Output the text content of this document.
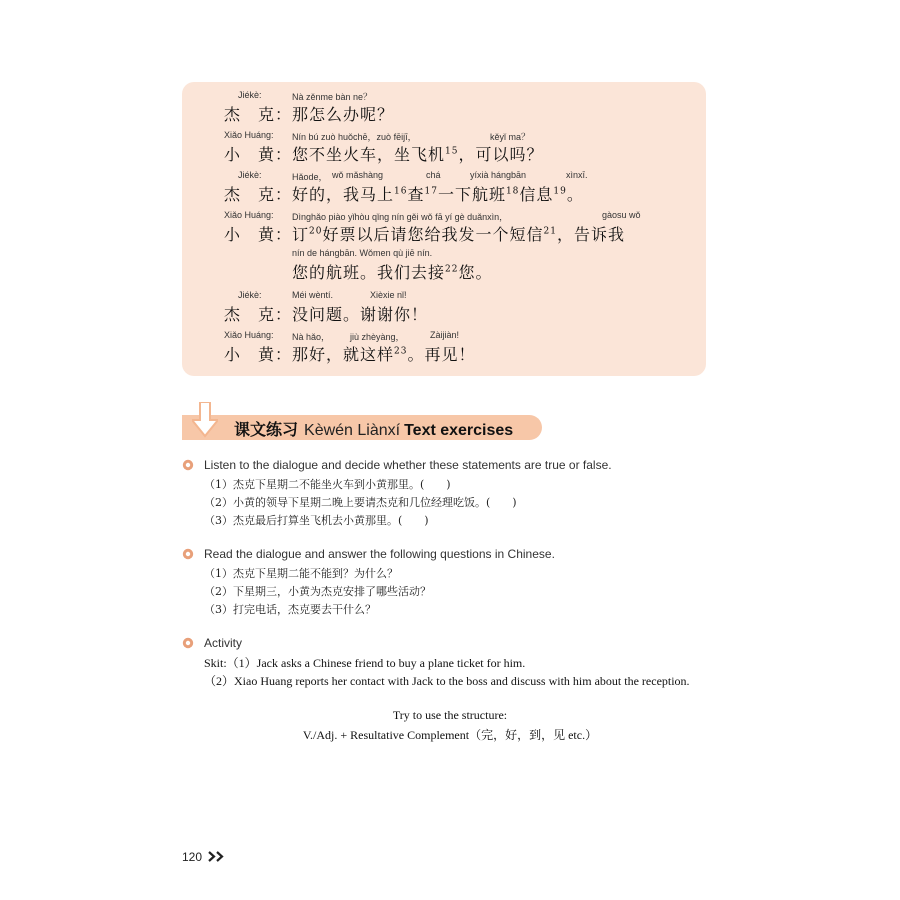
Jiékè:	Nà zěnme bàn ne？
杰　克： 那怎么办呢？
Xiǎo Huáng: Nín bú zuò huǒchē，zuò fēijī，	kěyǐ ma？
小　黄： 您不坐火车，坐飞机$^{15}$，可以吗？
Jiékè:	Hǎode， wǒ mǎshàng	chá	yíxià hángbān	xìnxī.
杰　克： 好的，我马上$^{16}$查$^{17}$一下航班$^{18}$信息$^{19}$。
Xiǎo Huáng: Dìnghǎo piào yǐhòu qǐng nín gěi wǒ fā yí gè duǎnxìn，	gàosu wǒ
小　黄： 订$^{20}$好票以后请您给我发一个短信$^{21}$，告诉我
nín de hángbān. Wǒmen qù jiē nín.
您的航班。我们去接$^{22}$您。
Jiékè:	Méi wèntí.	Xièxie nǐ!
杰　克： 没问题。谢谢你！
Xiǎo Huáng: Nà hǎo， jiù zhèyàng，	Zàijiàn!
小　黄： 那好，就这样$^{23}$。再见！
课文练习 Kèwén Liànxí Text exercises
Listen to the dialogue and decide whether these statements are true or false.
（1）杰克下星期二不能坐火车到小黄那里。(　　)
（2）小黄的领导下星期二晚上要请杰克和几位经理吃饭。(　　)
（3）杰克最后打算坐飞机去小黄那里。(　　)
Read the dialogue and answer the following questions in Chinese.
（1）杰克下星期二能不能到？为什么？
（2）下星期三，小黄为杰克安排了哪些活动？
（3）打完电话，杰克要去干什么？
Activity
Skit:（1）Jack asks a Chinese friend to buy a plane ticket for him.
（2）Xiao Huang reports her contact with Jack to the boss and discuss with him about the reception.
Try to use the structure:
V./Adj. + Resultative Complement（完，好，到，见 etc.）
120
